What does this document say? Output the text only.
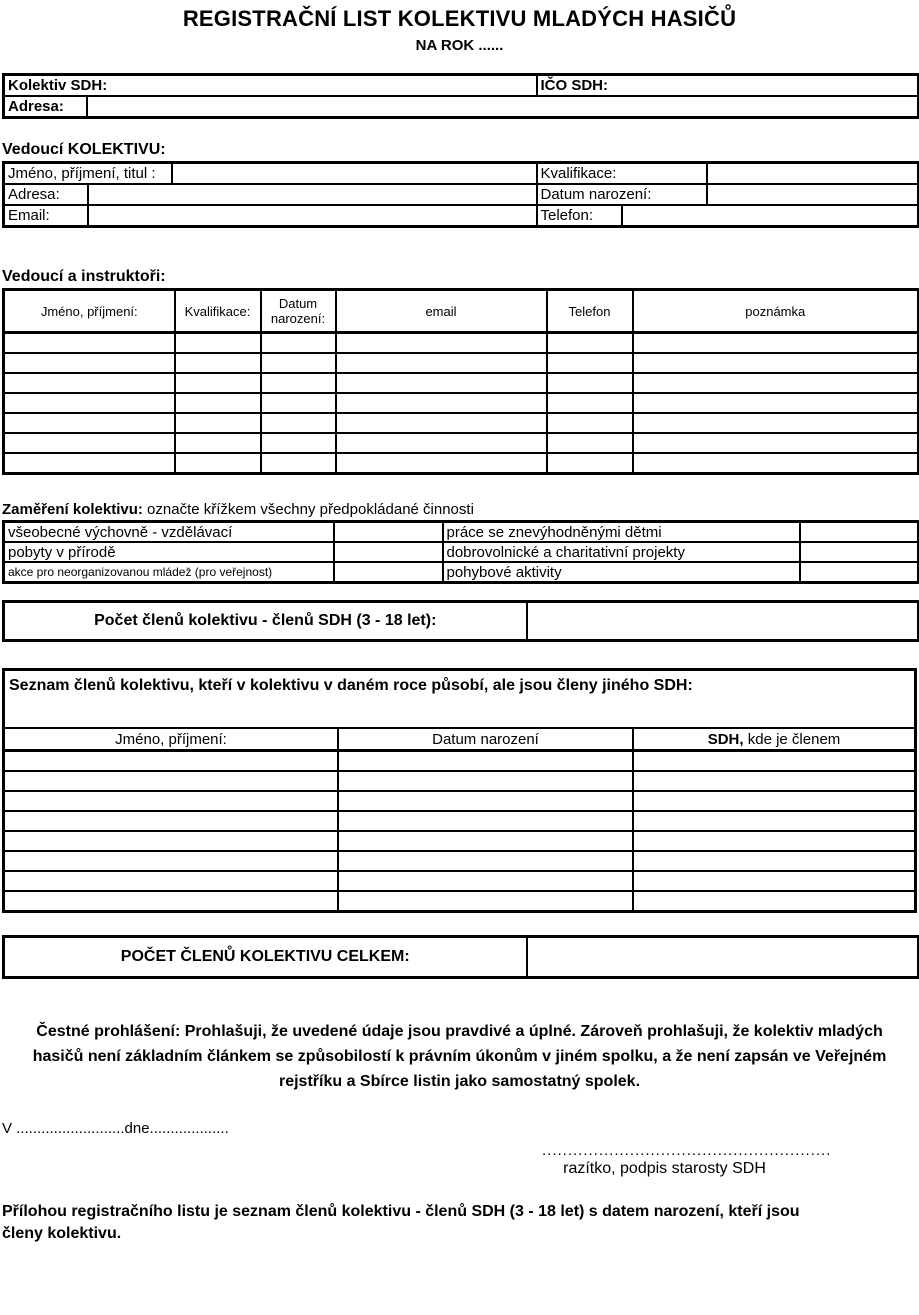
REGISTRAČNÍ LIST KOLEKTIVU MLADÝCH HASIČŮ
NA ROK ......
Kolektiv SDH:		IČO SDH:
Adresa:		
Vedoucí KOLEKTIVU:
Jméno, příjmení, titul :			Kvalifikace:		
Adresa:			Datum narození:		
Email:			Telefon:		
Vedoucí a instruktoři:
Jméno, příjmení:	Kvalifikace:	Datum narození:	email	Telefon	poznámka

Zaměření kolektivu: označte křížkem všechny předpokládané činnosti
všeobecné výchovně - vzdělávací		práce se znevýhodněnými dětmi	
pobyty v přírodě		dobrovolnické a charitativní projekty	
akce pro neorganizovanou mládež (pro veřejnost)		pohybové aktivity	
Počet členů kolektivu - členů SDH (3 - 18 let):	
Seznam členů kolektivu, kteří v kolektivu v daném roce působí, ale jsou členy jiného SDH:
Jméno, příjmení:	Datum narození	SDH, kde je členem

POČET ČLENŮ KOLEKTIVU CELKEM:	
Čestné prohlášení: Prohlašuji, že uvedené údaje jsou pravdivé a úplné. Zároveň prohlašuji, že kolektiv mladých hasičů není základním článkem se způsobilostí k právním úkonům v jiném spolku, a že není zapsán ve Veřejném rejstříku a Sbírce listin jako samostatný spolek.
V ..........................dne...................
........................................................
razítko, podpis starosty SDH
Přílohou registračního listu je seznam členů kolektivu - členů SDH (3 - 18 let) s datem narození, kteří jsou členy kolektivu.
